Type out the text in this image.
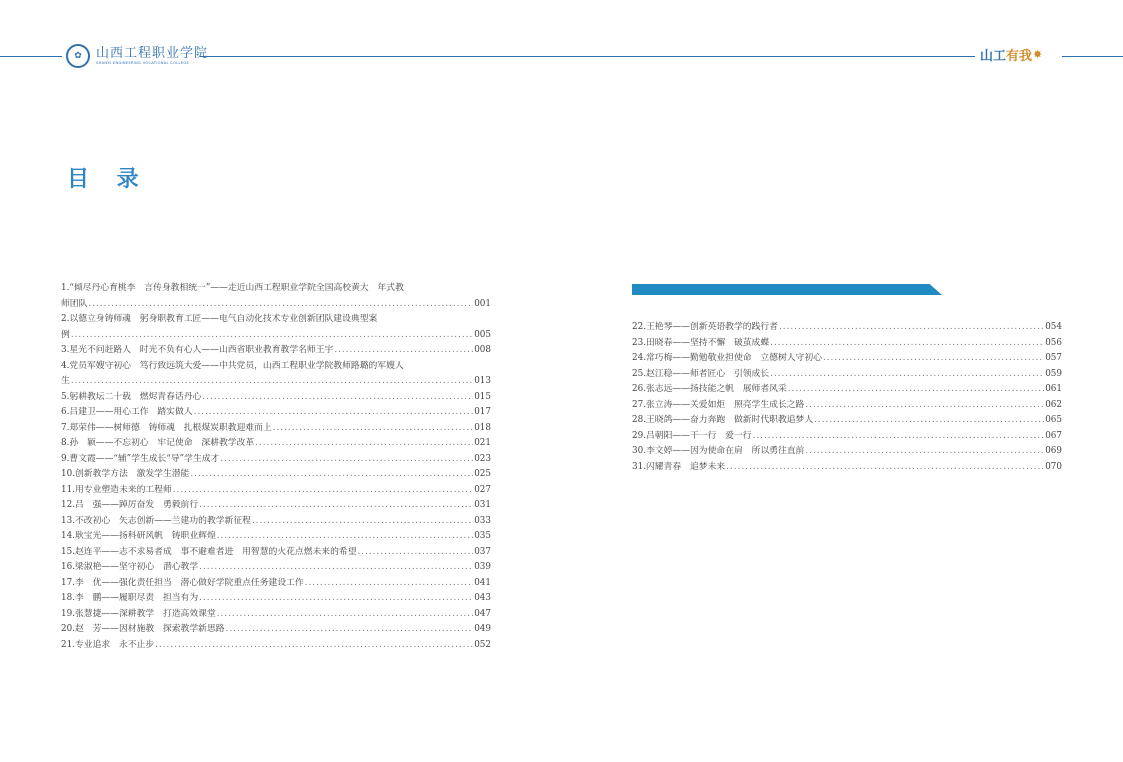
✿	山西工程职业学院
SHANXI ENGINEERING VOCATIONAL COLLEGE	山工有我 ✸
目 录
1.“倾尽丹心育桃李　言传身教相统一”——走近山西工程职业学院全国高校黄大　年式教
师团队 .....	001
2.以德立身铸师魂　躬身职教育工匠——电气自动化技术专业创新团队建设典型案
例 .....	005
3.星光不问赶路人　时光不负有心人——山西省职业教育教学名师王宇 .....	008
4.党员军嫂守初心　笃行致远筑大爱——中共党员，山西工程职业学院教师路璐的军嫂人
生 .....	013
5.躬耕教坛二十载　燃烬青春话丹心 .....	015
6.吕建卫——用心工作　踏实做人 .....	017
7.郑荣伟——树师德　铸师魂　扎根煤炭职教迎难而上 .....	018
8.孙　颖——不忘初心　牢记使命　深耕教学改革 .....	021
9.曹文霞——“辅”学生成长“导”学生成才 .....	023
10.创新教学方法　激发学生潜能 .....	025
11.用专业塑造未来的工程师 .....	027
12.吕　强——踔厉奋发　勇毅前行 .....	031
13.不改初心　矢志创新——兰建功的教学新征程 .....	033
14.耿宝光——扬科研风帆　铸职业辉煌 .....	035
15.赵连平——志不求易者成　事不避难者进　用智慧的火花点燃未来的希望 .....	037
16.梁淑艳——坚守初心　潜心教学 .....	039
17.李　优——强化责任担当　潜心做好学院重点任务建设工作 .....	041
18.李　鹏——履职尽责　担当有为 .....	043
19.张慧捷——深耕教学　打造高效课堂 .....	047
20.赵　芳——因材施教　探索教学新思路 .....	049
21.专业追求　永不止步 .....	052
22.王艳琴——创新英语教学的践行者 .....	054
23.田晓春——坚持不懈　破茧成蝶 .....	056
24.常巧梅——勤勉敬业担使命　立德树人守初心 .....	057
25.赵江稳——师者匠心　引领成长 .....	059
26.张志远——扬技能之帆　展师者风采 .....	061
27.张立涛——关爱如炬　照亮学生成长之路 .....	062
28.王晓鸽——奋力奔跑　做新时代职教追梦人 .....	065
29.吕朝阳——干一行　爱一行 .....	067
30.李文婷——因为使命在肩　所以勇往直前 .....	069
31.闪耀青春　追梦未来 .....	070
